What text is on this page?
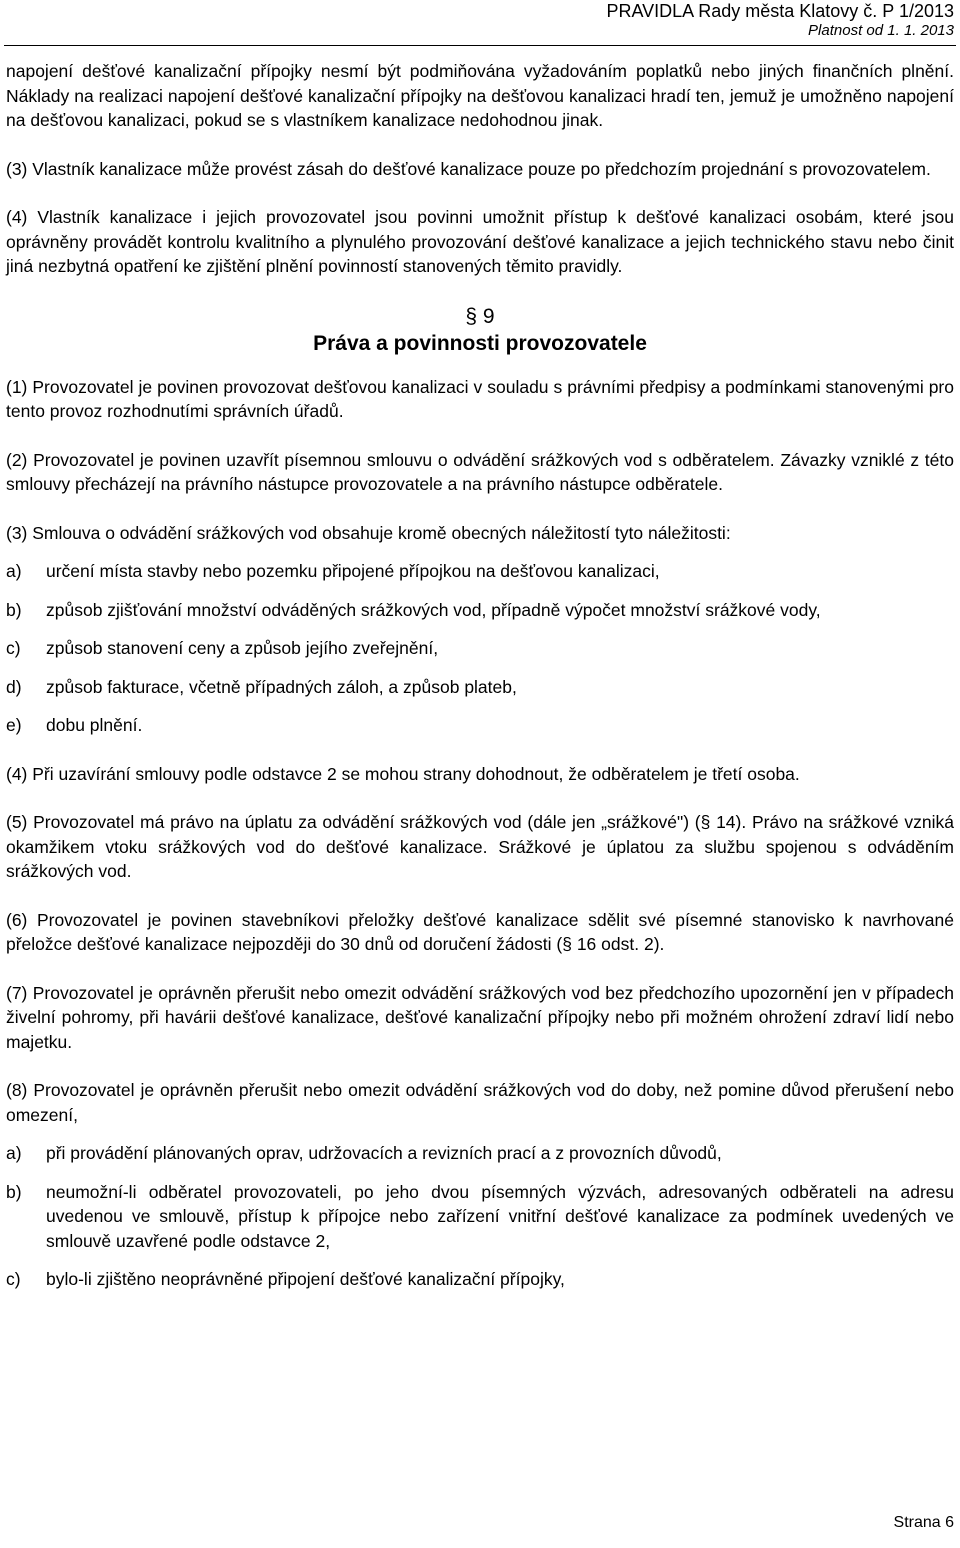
PRAVIDLA Rady města Klatovy č. P 1/2013
Platnost od 1. 1. 2013

napojení dešťové kanalizační přípojky nesmí být podmiňována vyžadováním poplatků nebo jiných finančních plnění. Náklady na realizaci napojení dešťové kanalizační přípojky na dešťovou kanalizaci hradí ten, jemuž je umožněno napojení na dešťovou kanalizaci, pokud se s vlastníkem kanalizace nedohodnou jinak.

(3) Vlastník kanalizace může provést zásah do dešťové kanalizace pouze po předchozím projednání s provozovatelem.

(4) Vlastník kanalizace i jejich provozovatel jsou povinni umožnit přístup k dešťové kanalizaci osobám, které jsou oprávněny provádět kontrolu kvalitního a plynulého provozování dešťové kanalizace a jejich technického stavu nebo činit jiná nezbytná opatření ke zjištění plnění povinností stanovených těmito pravidly.

§ 9
Práva a povinnosti provozovatele

(1) Provozovatel je povinen provozovat dešťovou kanalizaci v souladu s právními předpisy a podmínkami stanovenými pro tento provoz rozhodnutími správních úřadů.

(2) Provozovatel je povinen uzavřít písemnou smlouvu o odvádění srážkových vod s odběratelem. Závazky vzniklé z této smlouvy přecházejí na právního nástupce provozovatele a na právního nástupce odběratele.

(3) Smlouva o odvádění srážkových vod obsahuje kromě obecných náležitostí tyto náležitosti:

a)	určení místa stavby nebo pozemku připojené přípojkou na dešťovou kanalizaci,
b)	způsob zjišťování množství odváděných srážkových vod, případně výpočet množství srážkové vody,
c)	způsob stanovení ceny a způsob jejího zveřejnění,
d)	způsob fakturace, včetně případných záloh, a způsob plateb,
e)	dobu plnění.

(4) Při uzavírání smlouvy podle odstavce 2 se mohou strany dohodnout, že odběratelem je třetí osoba.

(5) Provozovatel má právo na úplatu za odvádění srážkových vod (dále jen „srážkové") (§ 14). Právo na srážkové vzniká okamžikem vtoku srážkových vod do dešťové kanalizace. Srážkové je úplatou za službu spojenou s odváděním srážkových vod.

(6) Provozovatel je povinen stavebníkovi přeložky dešťové kanalizace sdělit své písemné stanovisko k navrhované přeložce dešťové kanalizace nejpozději do 30 dnů od doručení žádosti (§ 16 odst. 2).

(7) Provozovatel je oprávněn přerušit nebo omezit odvádění srážkových vod bez předchozího upozornění jen v případech živelní pohromy, při havárii dešťové kanalizace, dešťové kanalizační přípojky nebo při možném ohrožení zdraví lidí nebo majetku.

(8) Provozovatel je oprávněn přerušit nebo omezit odvádění srážkových vod do doby, než pomine důvod přerušení nebo omezení,

a)	při provádění plánovaných oprav, udržovacích a revizních prací a z provozních důvodů,
b)	neumožní-li odběratel provozovateli, po jeho dvou písemných výzvách, adresovaných odběrateli na adresu uvedenou ve smlouvě, přístup k přípojce nebo zařízení vnitřní dešťové kanalizace za podmínek uvedených ve smlouvě uzavřené podle odstavce 2,
c)	bylo-li zjištěno neoprávněné připojení dešťové kanalizační přípojky,
Strana 6
